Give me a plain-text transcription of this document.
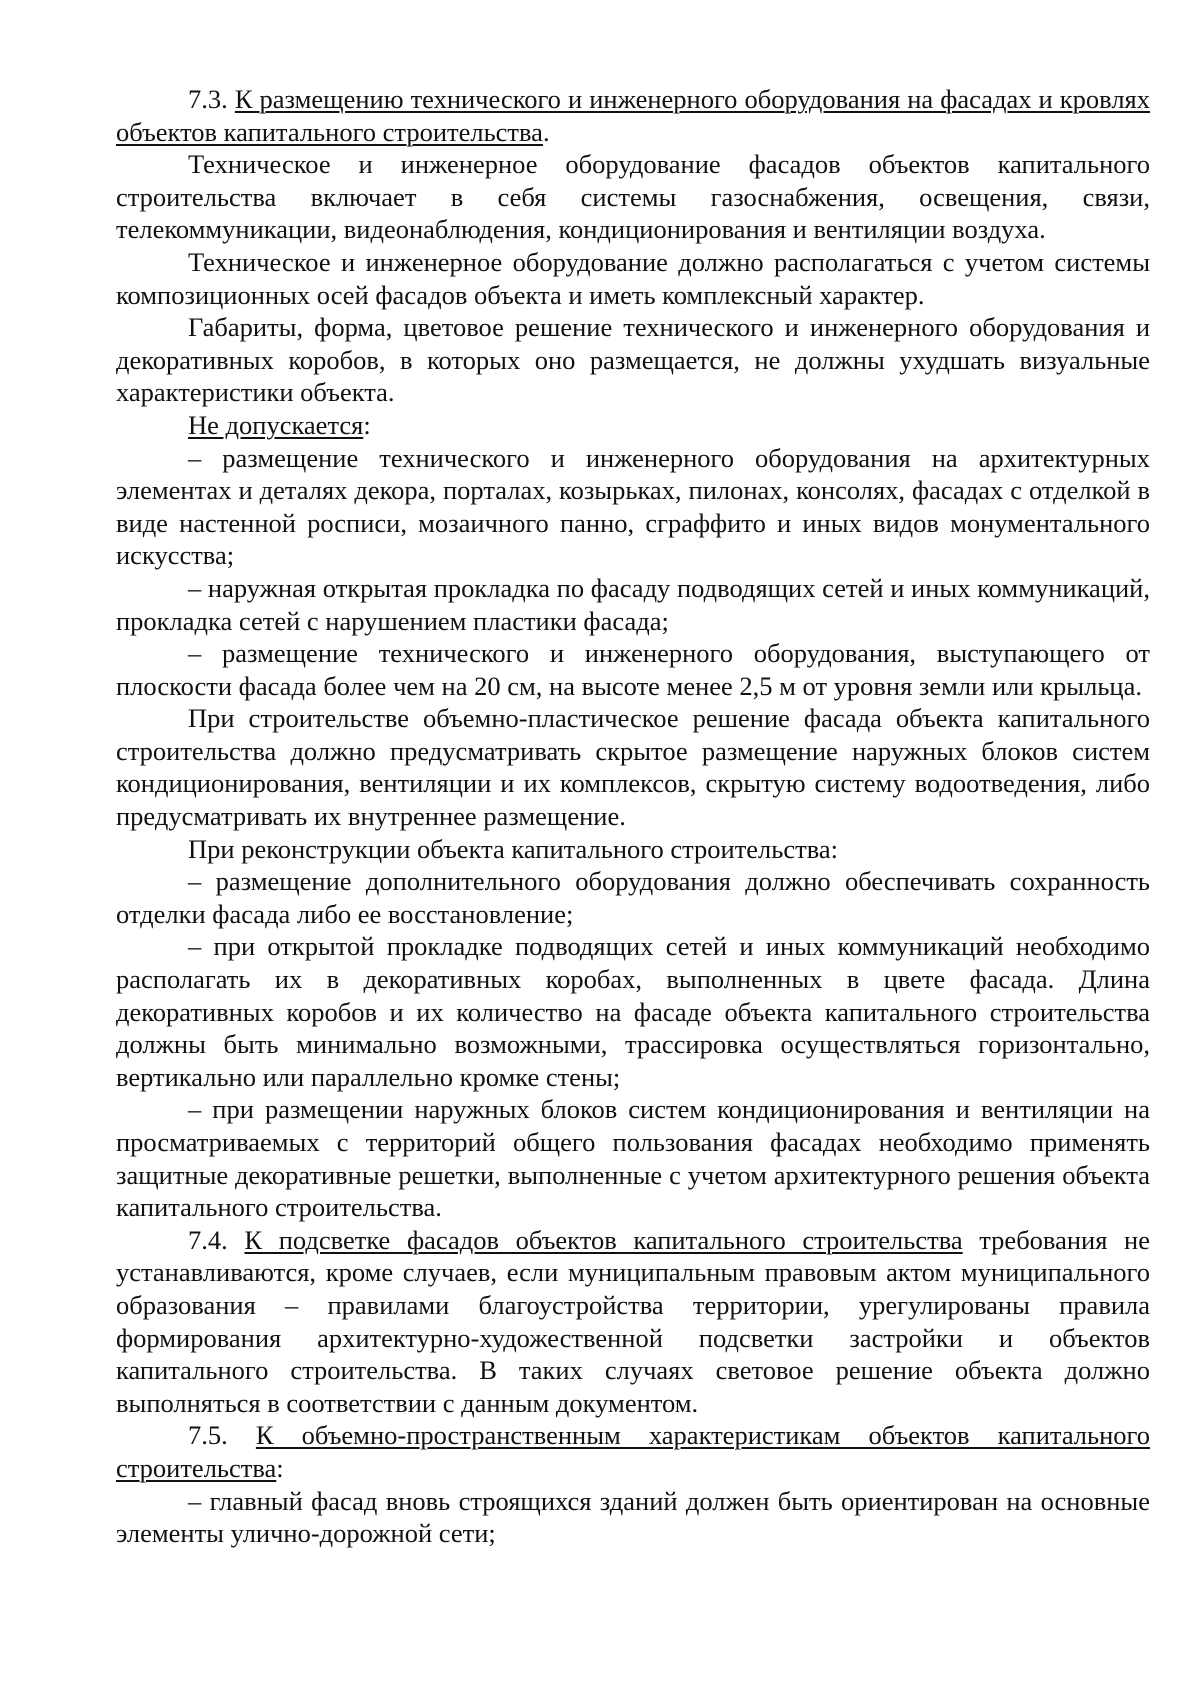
7.3. К размещению технического и инженерного оборудования на фасадах и кровлях объектов капитального строительства.

Техническое и инженерное оборудование фасадов объектов капитального строительства включает в себя системы газоснабжения, освещения, связи, телекоммуникации, видеонаблюдения, кондиционирования и вентиляции воздуха.

Техническое и инженерное оборудование должно располагаться с учетом системы композиционных осей фасадов объекта и иметь комплексный характер.

Габариты, форма, цветовое решение технического и инженерного оборудования и декоративных коробов, в которых оно размещается, не должны ухудшать визуальные характеристики объекта.

Не допускается:

– размещение технического и инженерного оборудования на архитектурных элементах и деталях декора, порталах, козырьках, пилонах, консолях, фасадах с отделкой в виде настенной росписи, мозаичного панно, сграффито и иных видов монументального искусства;

– наружная открытая прокладка по фасаду подводящих сетей и иных коммуникаций, прокладка сетей с нарушением пластики фасада;

– размещение технического и инженерного оборудования, выступающего от плоскости фасада более чем на 20 см, на высоте менее 2,5 м от уровня земли или крыльца.

При строительстве объемно-пластическое решение фасада объекта капитального строительства должно предусматривать скрытое размещение наружных блоков систем кондиционирования, вентиляции и их комплексов, скрытую систему водоотведения, либо предусматривать их внутреннее размещение.

При реконструкции объекта капитального строительства:

– размещение дополнительного оборудования должно обеспечивать сохранность отделки фасада либо ее восстановление;

– при открытой прокладке подводящих сетей и иных коммуникаций необходимо располагать их в декоративных коробах, выполненных в цвете фасада. Длина декоративных коробов и их количество на фасаде объекта капитального строительства должны быть минимально возможными, трассировка осуществляться горизонтально, вертикально или параллельно кромке стены;

– при размещении наружных блоков систем кондиционирования и вентиляции на просматриваемых с территорий общего пользования фасадах необходимо применять защитные декоративные решетки, выполненные с учетом архитектурного решения объекта капитального строительства.

7.4. К подсветке фасадов объектов капитального строительства требования не устанавливаются, кроме случаев, если муниципальным правовым актом муниципального образования – правилами благоустройства территории, урегулированы правила формирования архитектурно-художественной подсветки застройки и объектов капитального строительства. В таких случаях световое решение объекта должно выполняться в соответствии с данным документом.

7.5. К объемно-пространственным характеристикам объектов капитального строительства:

– главный фасад вновь строящихся зданий должен быть ориентирован на основные элементы улично-дорожной сети;
